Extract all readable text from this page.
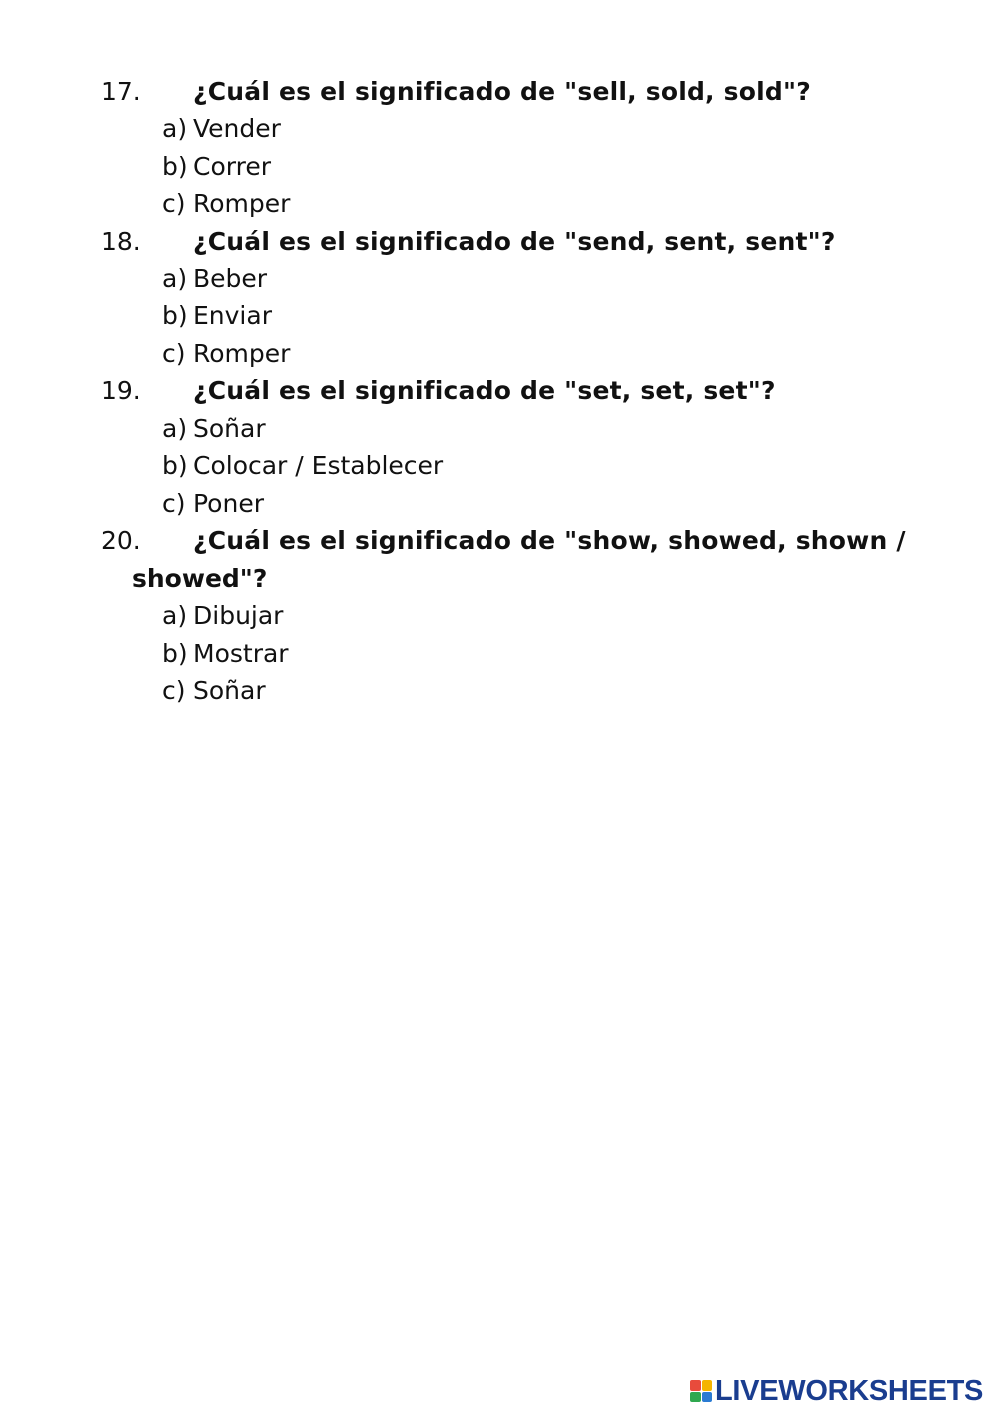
17. ¿Cuál es el significado de "sell, sold, sold"?
a) Vender
b) Correr
c) Romper
18. ¿Cuál es el significado de "send, sent, sent"?
a) Beber
b) Enviar
c) Romper
19. ¿Cuál es el significado de "set, set, set"?
a) Soñar
b) Colocar / Establecer
c) Poner
20. ¿Cuál es el significado de "show, showed, shown /
showed"?
a) Dibujar
b) Mostrar
c) Soñar
LIVEWORKSHEETS
